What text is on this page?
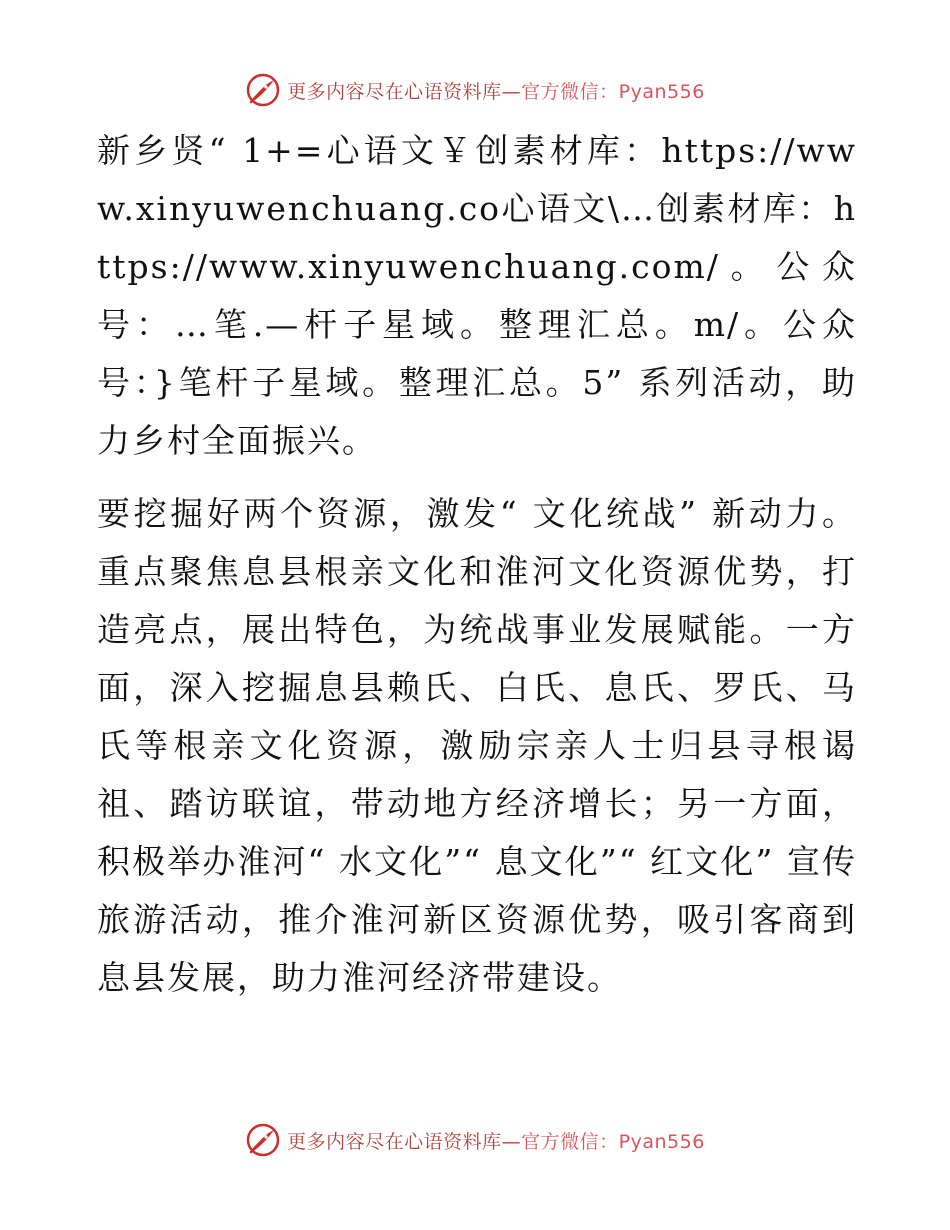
更多内容尽在心语资料库—官方微信：Pyan556

新乡贤“ 1+=心语文￥创素材库：https://www.xinyuwenchuang.co心语文\…创素材库：https://www.xinyuwenchuang.com/。公众号：…笔.—杆子星域。整理汇总。m/。公众号：}笔杆子星域。整理汇总。5” 系列活动，助力乡村全面振兴。

要挖掘好两个资源，激发“ 文化统战” 新动力。重点聚焦息县根亲文化和淮河文化资源优势，打造亮点，展出特色，为统战事业发展赋能。一方面，深入挖掘息县赖氏、白氏、息氏、罗氏、马氏等根亲文化资源，激励宗亲人士归县寻根谒祖、踏访联谊，带动地方经济增长；另一方面，积极举办淮河“ 水文化”“ 息文化”“ 红文化” 宣传旅游活动，推介淮河新区资源优势，吸引客商到息县发展，助力淮河经济带建设。

更多内容尽在心语资料库—官方微信：Pyan556
